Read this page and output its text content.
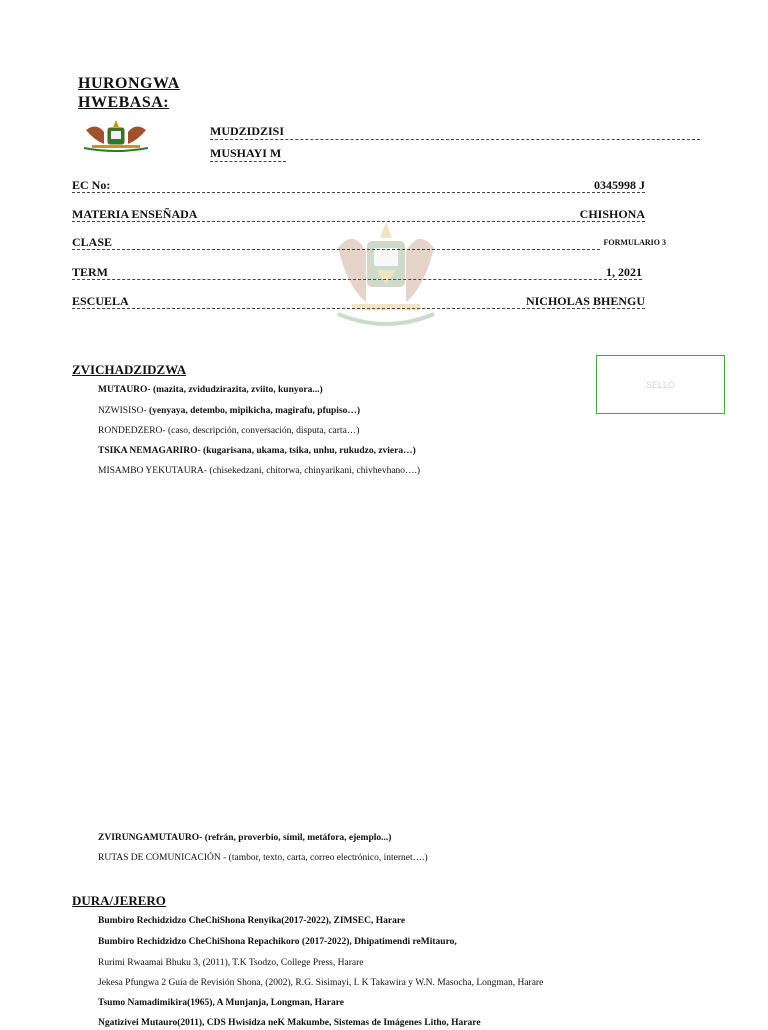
HURONGWA
HWEBASA:
MUDZIDZISI
MUSHAYI M
EC No:	0345998 J
MATERIA ENSEÑADA	CHISHONA
CLASE	FORMULARIO 3
TERM	1, 2021
ESCUELA	NICHOLAS BHENGU
SELLO
ZVICHADZIDZWA
MUTAURO- (mazita, zvidudzirazita, zviito, kunyora...)
NZWISISO- (yenyaya, detembo, mipikicha, magirafu, pfupiso…)
RONDEDZERO- (caso, descripción, conversación, disputa, carta…)
TSIKA NEMAGARIRO- (kugarisana, ukama, tsika, unhu, rukudzo, zviera…)
MISAMBO YEKUTAURA- (chisekedzani, chitorwa, chinyarikani, chivhevhano….)
ZVIRUNGAMUTAURO- (refrán, proverbio, símil, metáfora, ejemplo...)
RUTAS DE COMUNICACIÓN - (tambor, texto, carta, correo electrónico, internet….)
DURA/JERERO
Bumbiro Rechidzidzo CheChiShona Renyika(2017-2022), ZIMSEC, Harare
Bumbiro Rechidzidzo CheChiShona Repachikoro (2017-2022), Dhipatimendi reMitauro,
Rurimi Rwaamai Bhuku 3, (2011), T.K Tsodzo, College Press, Harare
Jekesa Pfungwa 2 Guía de Revisión Shona, (2002), R.G. Sisimayi, I. K Takawira y W.N. Masocha, Longman, Harare
Tsumo Namadimikira(1965), A Munjanja, Longman, Harare
Ngatizivei Mutauro(2011), CDS Hwisidza neK Makumbe, Sistemas de Imágenes Litho, Harare
